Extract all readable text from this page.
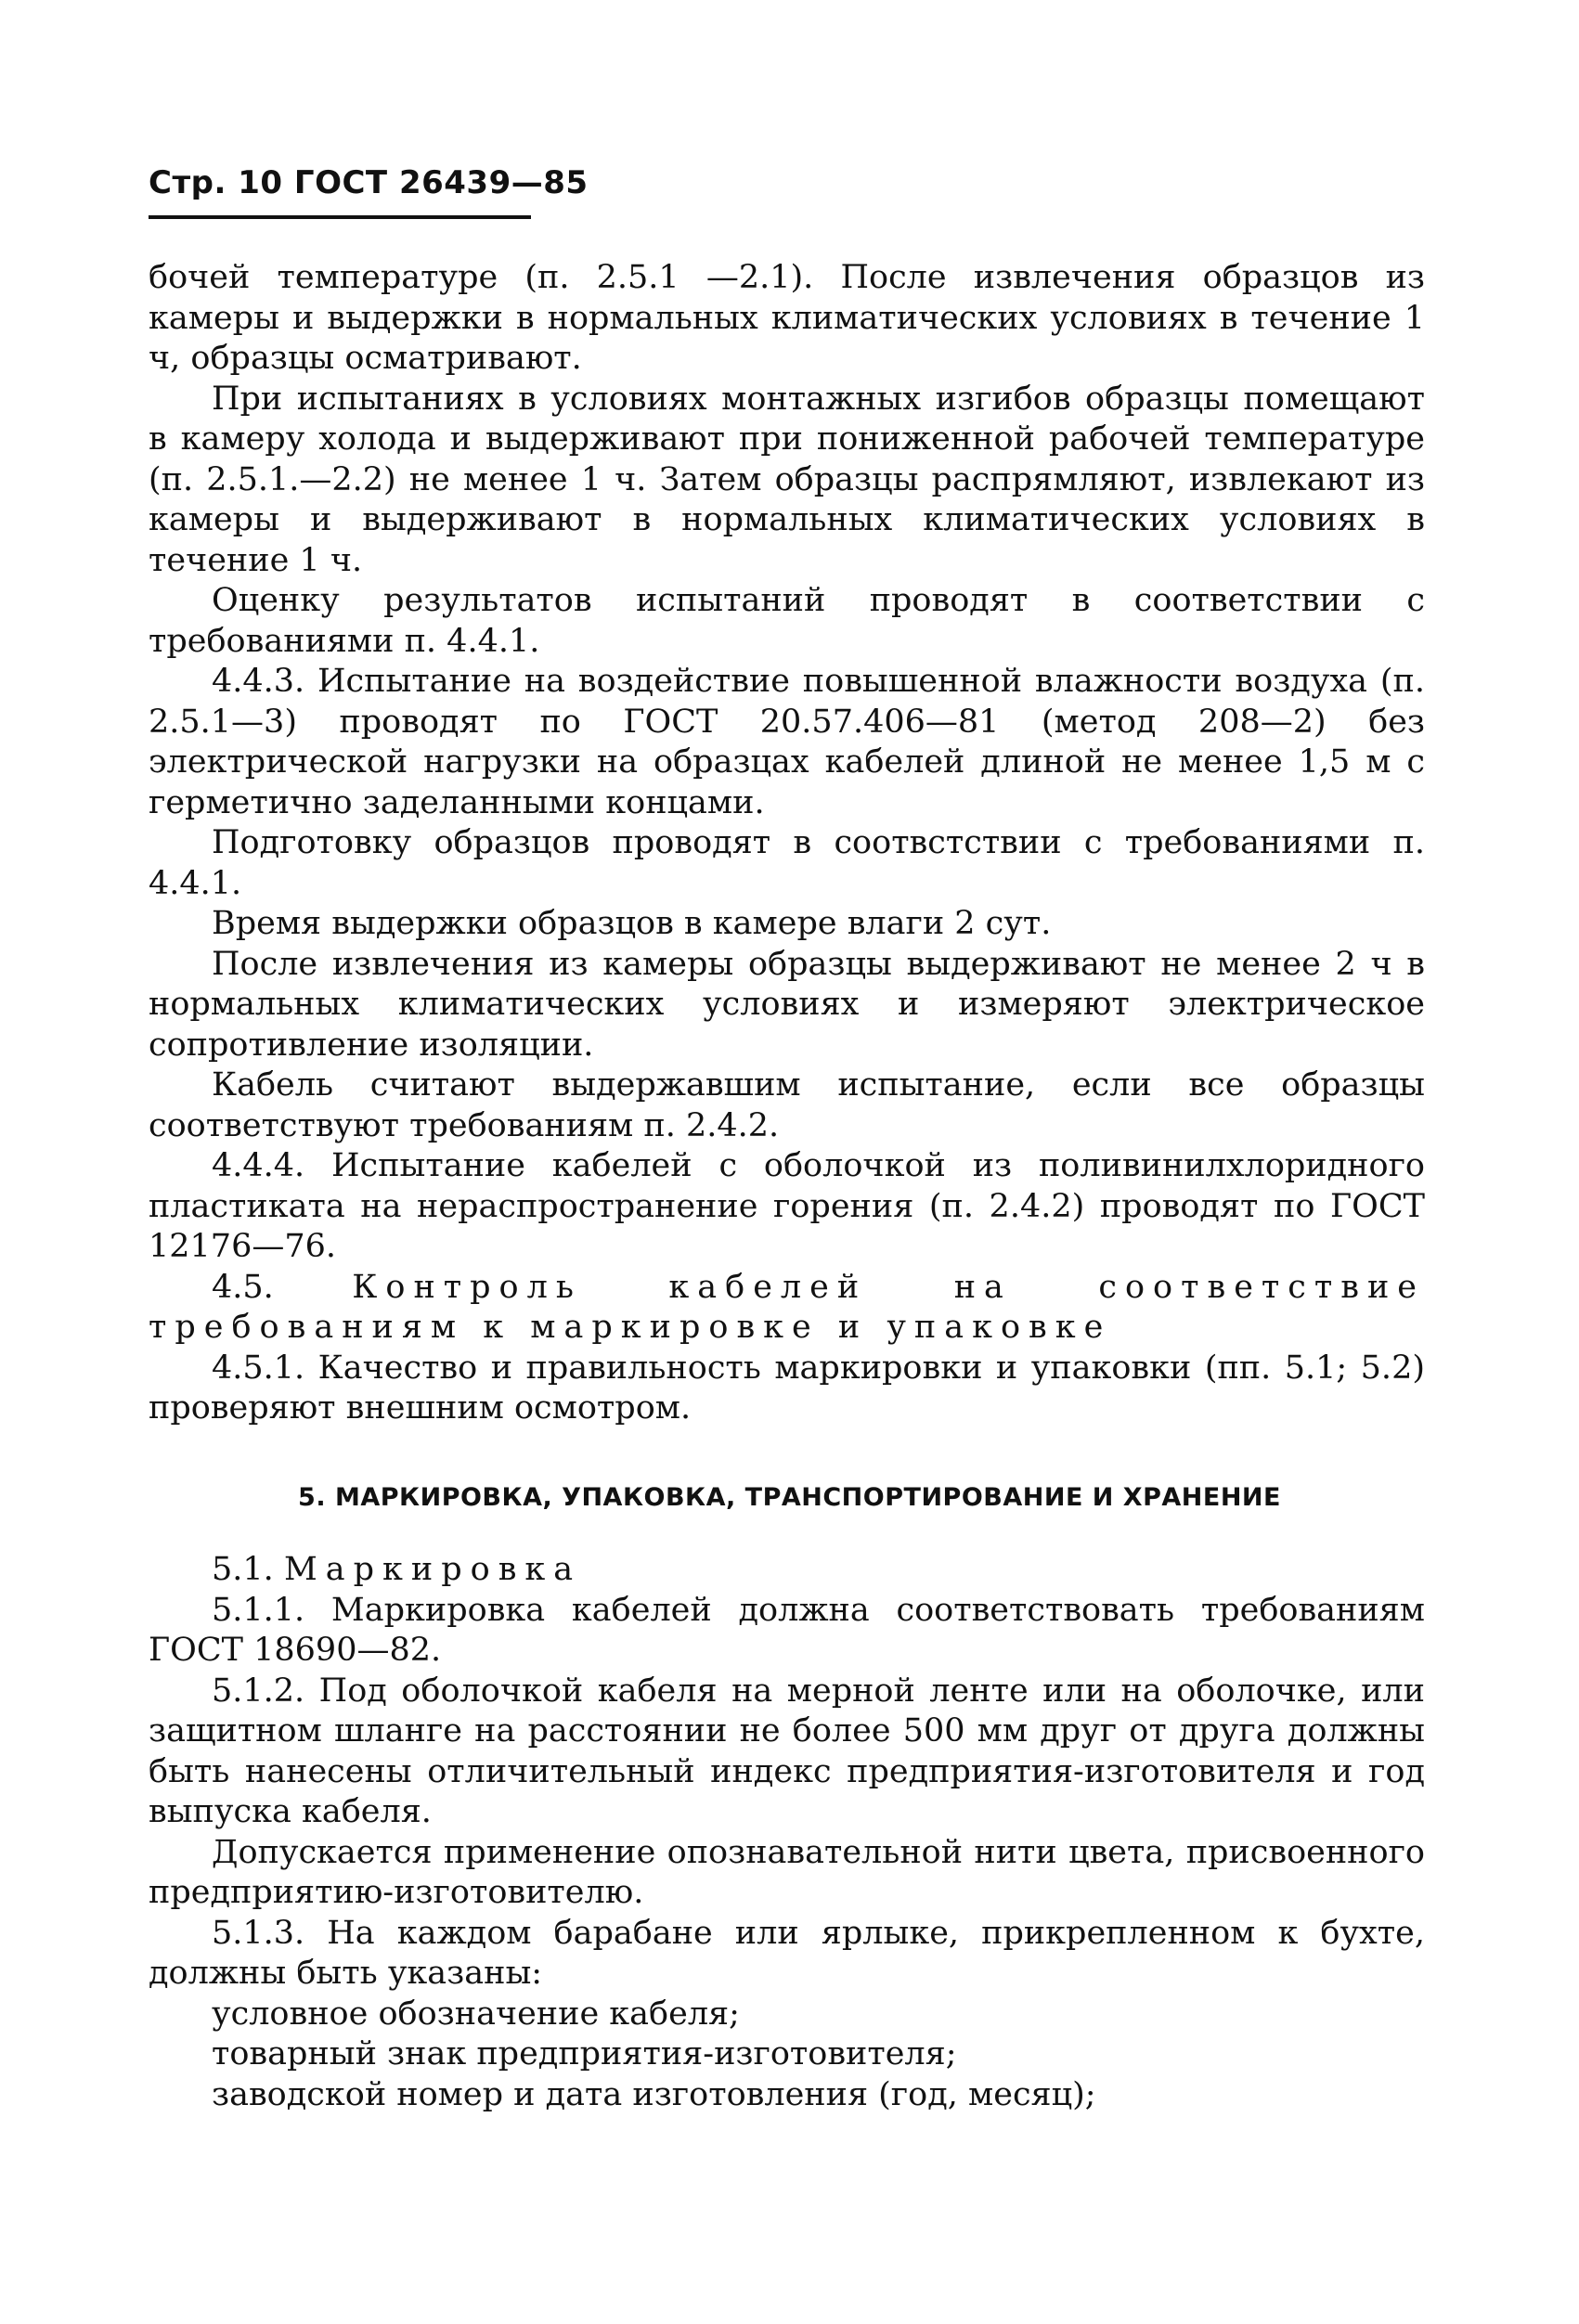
Стр. 10 ГОСТ 26439—85

бочей температуре (п. 2.5.1 —2.1). После извлечения образцов из камеры и выдержки в нормальных климатических условиях в течение 1 ч, образцы осматривают.

При испытаниях в условиях монтажных изгибов образцы помещают в камеру холода и выдерживают при пониженной рабочей температуре (п. 2.5.1.—2.2) не менее 1 ч. Затем образцы распрямляют, извлекают из камеры и выдерживают в нормальных климатических условиях в течение 1 ч.

Оценку результатов испытаний проводят в соответствии с требованиями п. 4.4.1.

4.4.3. Испытание на воздействие повышенной влажности воздуха (п. 2.5.1—3) проводят по ГОСТ 20.57.406—81 (метод 208—2) без электрической нагрузки на образцах кабелей длиной не менее 1,5 м с герметично заделанными концами.

Подготовку образцов проводят в соотвстствии с требованиями п. 4.4.1.

Время выдержки образцов в камере влаги 2 сут.

После извлечения из камеры образцы выдерживают не менее 2 ч в нормальных климатических условиях и измеряют электрическое сопротивление изоляции.

Кабель считают выдержавшим испытание, если все образцы соответствуют требованиям п. 2.4.2.

4.4.4. Испытание кабелей с оболочкой из поливинилхлоридного пластиката на нераспространение горения (п. 2.4.2) проводят по ГОСТ 12176—76.

4.5. Контроль кабелей на соответствие требованиям к маркировке и упаковке

4.5.1. Качество и правильность маркировки и упаковки (пп. 5.1; 5.2) проверяют внешним осмотром.

5. МАРКИРОВКА, УПАКОВКА, ТРАНСПОРТИРОВАНИЕ И ХРАНЕНИЕ

5.1. Маркировка

5.1.1. Маркировка кабелей должна соответствовать требованиям ГОСТ 18690—82.

5.1.2. Под оболочкой кабеля на мерной ленте или на оболочке, или защитном шланге на расстоянии не более 500 мм друг от друга должны быть нанесены отличительный индекс предприятия-изготовителя и год выпуска кабеля.

Допускается применение опознавательной нити цвета, присвоенного предприятию-изготовителю.

5.1.3. На каждом барабане или ярлыке, прикрепленном к бухте, должны быть указаны:

условное обозначение кабеля;

товарный знак предприятия-изготовителя;

заводской номер и дата изготовления (год, месяц);
